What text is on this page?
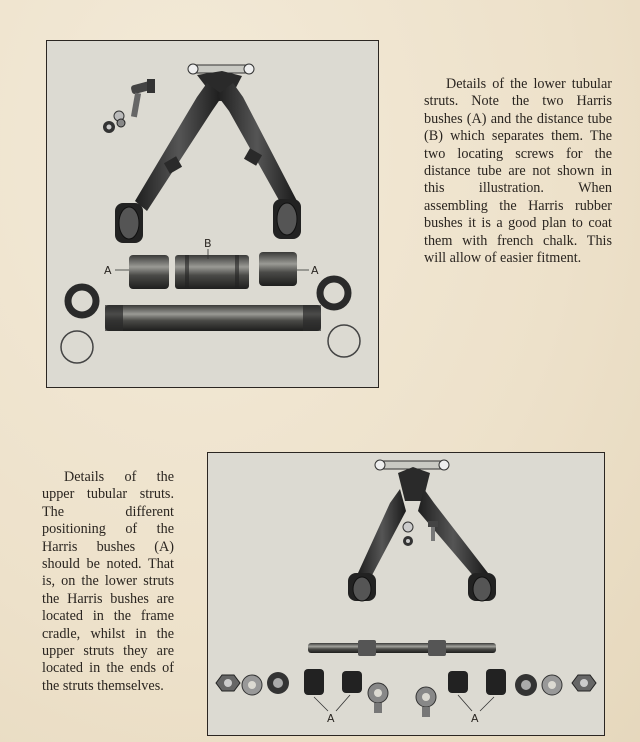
A
B
A
Details of the lower tubular struts. Note the two Harris bushes (A) and the distance tube (B) which separates them. The two locating screws for the distance tube are not shown in this illustration. When assembling the Harris rubber bushes it is a good plan to coat them with french chalk. This will allow of easier fitment.
A	A
Details of the upper tubular struts. The different positioning of the Harris bushes (A) should be noted. That is, on the lower struts the Harris bushes are located in the frame cradle, whilst in the upper struts they are located in the ends of the struts themselves.
